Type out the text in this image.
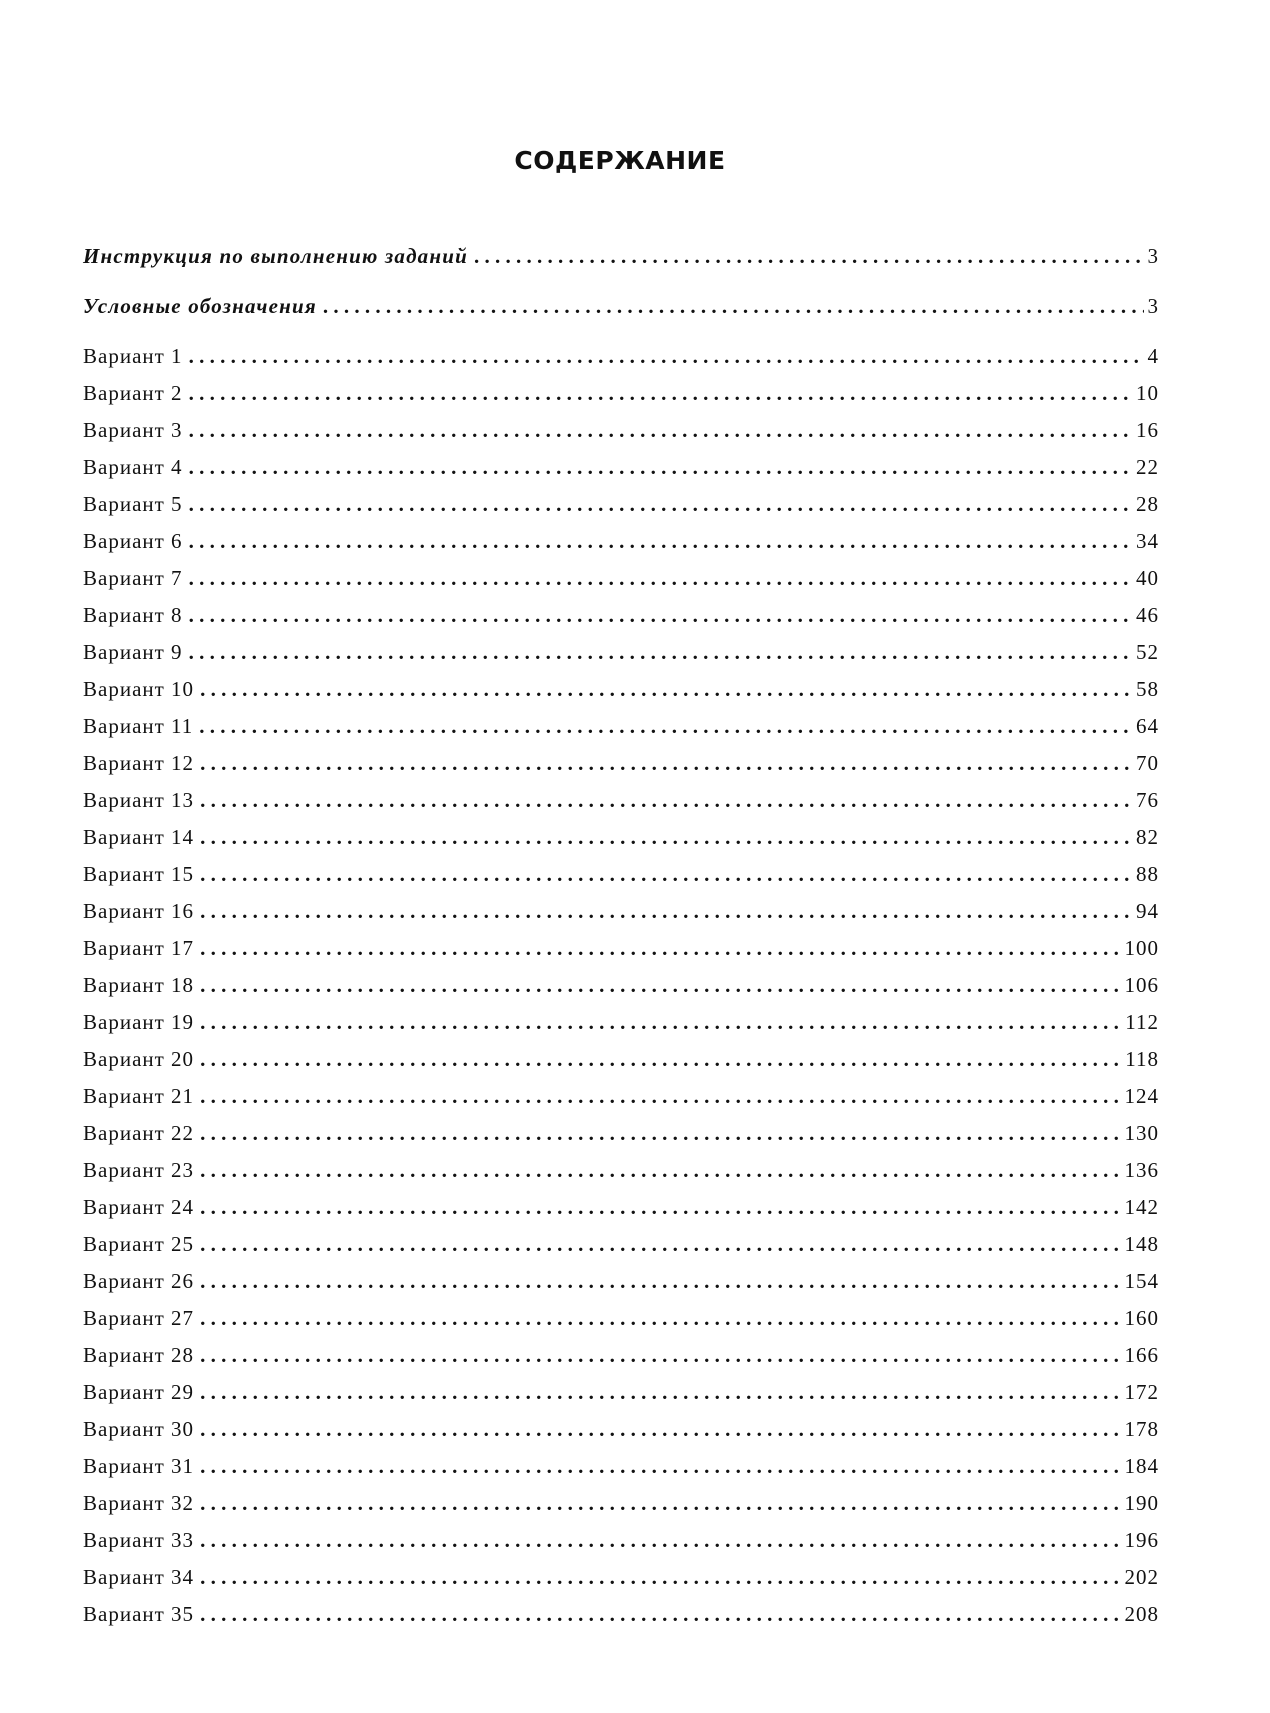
СОДЕРЖАНИЕ
Инструкция по выполнению заданий . . .	3
Условные обозначения . . .	3
Вариант 1 . . .	4
Вариант 2 . . .	10
Вариант 3 . . .	16
Вариант 4 . . .	22
Вариант 5 . . .	28
Вариант 6 . . .	34
Вариант 7 . . .	40
Вариант 8 . . .	46
Вариант 9 . . .	52
Вариант 10 . . .	58
Вариант 11 . . .	64
Вариант 12 . . .	70
Вариант 13 . . .	76
Вариант 14 . . .	82
Вариант 15 . . .	88
Вариант 16 . . .	94
Вариант 17 . . .	100
Вариант 18 . . .	106
Вариант 19 . . .	112
Вариант 20 . . .	118
Вариант 21 . . .	124
Вариант 22 . . .	130
Вариант 23 . . .	136
Вариант 24 . . .	142
Вариант 25 . . .	148
Вариант 26 . . .	154
Вариант 27 . . .	160
Вариант 28 . . .	166
Вариант 29 . . .	172
Вариант 30 . . .	178
Вариант 31 . . .	184
Вариант 32 . . .	190
Вариант 33 . . .	196
Вариант 34 . . .	202
Вариант 35 . . .	208
